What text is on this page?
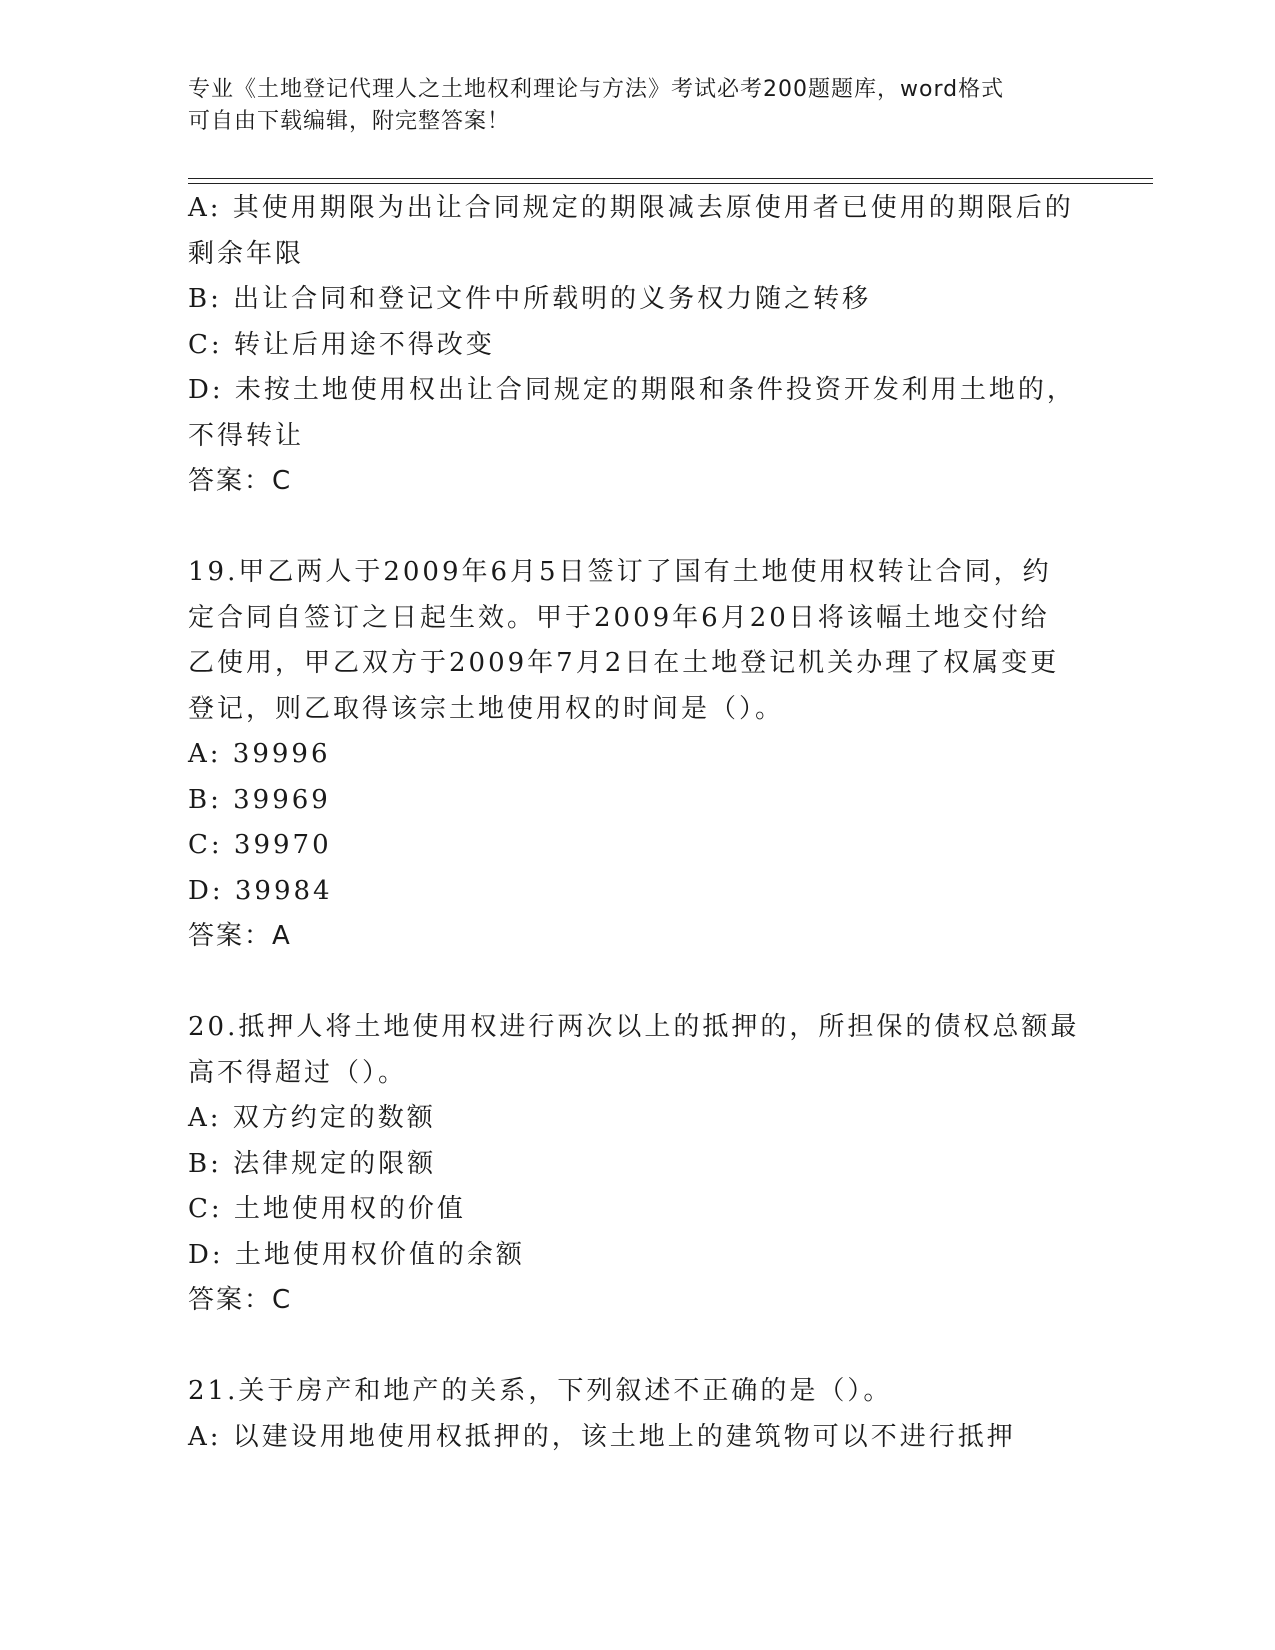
专业《土地登记代理人之土地权利理论与方法》考试必考200题题库，word格式
可自由下载编辑，附完整答案！
A: 其使用期限为出让合同规定的期限减去原使用者已使用的期限后的
剩余年限
B: 出让合同和登记文件中所载明的义务权力随之转移
C: 转让后用途不得改变
D: 未按土地使用权出让合同规定的期限和条件投资开发利用土地的，
不得转让
答案：C
19.甲乙两人于2009年6月5日签订了国有土地使用权转让合同，约
定合同自签订之日起生效。甲于2009年6月20日将该幅土地交付给
乙使用，甲乙双方于2009年7月2日在土地登记机关办理了权属变更
登记，则乙取得该宗土地使用权的时间是（）。
A: 39996
B: 39969
C: 39970
D: 39984
答案：A
20.抵押人将土地使用权进行两次以上的抵押的，所担保的债权总额最
高不得超过（）。
A: 双方约定的数额
B: 法律规定的限额
C: 土地使用权的价值
D: 土地使用权价值的余额
答案：C
21.关于房产和地产的关系，下列叙述不正确的是（）。
A: 以建设用地使用权抵押的，该土地上的建筑物可以不进行抵押
